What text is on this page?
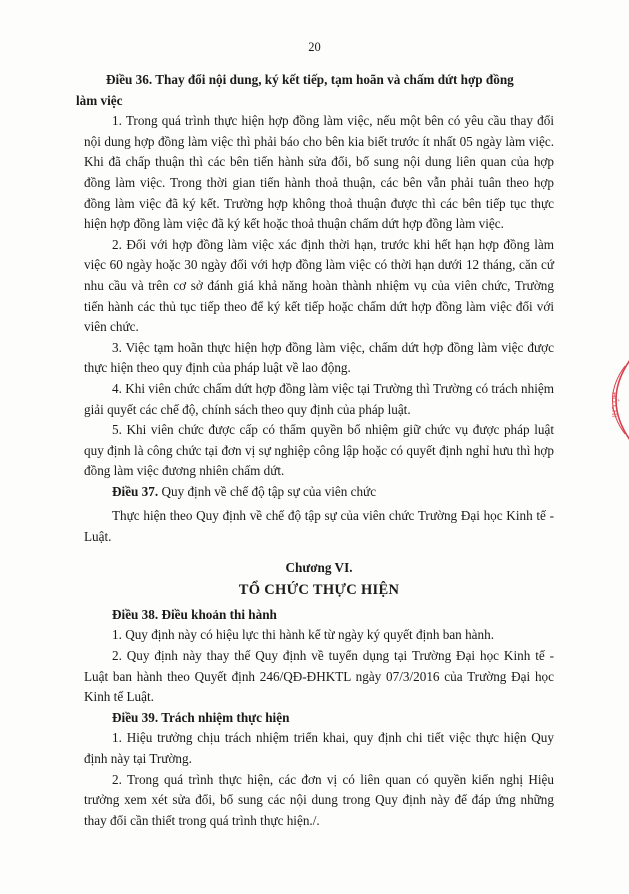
20

Điều 36. Thay đổi nội dung, ký kết tiếp, tạm hoãn và chấm dứt hợp đồng

làm việc

1. Trong quá trình thực hiện hợp đồng làm việc, nếu một bên có yêu cầu thay đổi nội dung hợp đồng làm việc thì phải báo cho bên kia biết trước ít nhất 05 ngày làm việc. Khi đã chấp thuận thì các bên tiến hành sửa đổi, bổ sung nội dung liên quan của hợp đồng làm việc. Trong thời gian tiến hành thoả thuận, các bên vẫn phải tuân theo hợp đồng làm việc đã ký kết. Trường hợp không thoả thuận được thì các bên tiếp tục thực hiện hợp đồng làm việc đã ký kết hoặc thoả thuận chấm dứt hợp đồng làm việc.

2. Đối với hợp đồng làm việc xác định thời hạn, trước khi hết hạn hợp đồng làm việc 60 ngày hoặc 30 ngày đối với hợp đồng làm việc có thời hạn dưới 12 tháng, căn cứ nhu cầu và trên cơ sở đánh giá khả năng hoàn thành nhiệm vụ của viên chức, Trường tiến hành các thủ tục tiếp theo để ký kết tiếp hoặc chấm dứt hợp đồng làm việc đối với viên chức.

3. Việc tạm hoãn thực hiện hợp đồng làm việc, chấm dứt hợp đồng làm việc được thực hiện theo quy định của pháp luật về lao động.

4. Khi viên chức chấm dứt hợp đồng làm việc tại Trường thì Trường có trách nhiệm giải quyết các chế độ, chính sách theo quy định của pháp luật.

5. Khi viên chức được cấp có thẩm quyền bổ nhiệm giữ chức vụ được pháp luật quy định là công chức tại đơn vị sự nghiệp công lập hoặc có quyết định nghỉ hưu thì hợp đồng làm việc đương nhiên chấm dứt.

Điều 37. Quy định về chế độ tập sự của viên chức

Thực hiện theo Quy định về chế độ tập sự của viên chức Trường Đại học Kinh tế - Luật.

Chương VI.

TỔ CHỨC THỰC HIỆN

Điều 38. Điều khoản thi hành

1. Quy định này có hiệu lực thi hành kể từ ngày ký quyết định ban hành.

2. Quy định này thay thế Quy định về tuyển dụng tại Trường Đại học Kinh tế - Luật ban hành theo Quyết định 246/QĐ-ĐHKTL ngày 07/3/2016 của Trường Đại học Kinh tế Luật.

Điều 39. Trách nhiệm thực hiện

1. Hiệu trưởng chịu trách nhiệm triển khai, quy định chi tiết việc thực hiện Quy định này tại Trường.

2. Trong quá trình thực hiện, các đơn vị có liên quan có quyền kiến nghị Hiệu trưởng xem xét sửa đổi, bổ sung các nội dung trong Quy định này để đáp ứng những thay đổi cần thiết trong quá trình thực hiện./.

HỒ CHÍ
